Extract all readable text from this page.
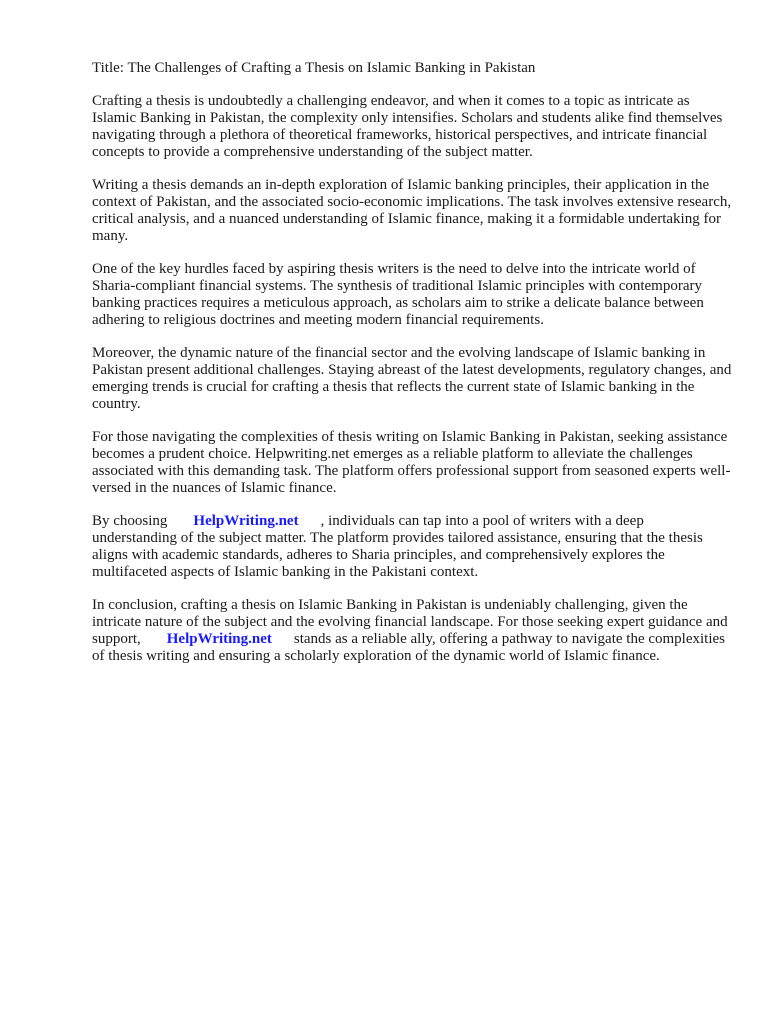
Title: The Challenges of Crafting a Thesis on Islamic Banking in Pakistan

Crafting a thesis is undoubtedly a challenging endeavor, and when it comes to a topic as intricate as Islamic Banking in Pakistan, the complexity only intensifies. Scholars and students alike find themselves navigating through a plethora of theoretical frameworks, historical perspectives, and intricate financial concepts to provide a comprehensive understanding of the subject matter.

Writing a thesis demands an in-depth exploration of Islamic banking principles, their application in the context of Pakistan, and the associated socio-economic implications. The task involves extensive research, critical analysis, and a nuanced understanding of Islamic finance, making it a formidable undertaking for many.

One of the key hurdles faced by aspiring thesis writers is the need to delve into the intricate world of Sharia-compliant financial systems. The synthesis of traditional Islamic principles with contemporary banking practices requires a meticulous approach, as scholars aim to strike a delicate balance between adhering to religious doctrines and meeting modern financial requirements.

Moreover, the dynamic nature of the financial sector and the evolving landscape of Islamic banking in Pakistan present additional challenges. Staying abreast of the latest developments, regulatory changes, and emerging trends is crucial for crafting a thesis that reflects the current state of Islamic banking in the country.

For those navigating the complexities of thesis writing on Islamic Banking in Pakistan, seeking assistance becomes a prudent choice. Helpwriting.net emerges as a reliable platform to alleviate the challenges associated with this demanding task. The platform offers professional support from seasoned experts well-versed in the nuances of Islamic finance.

By choosing HelpWriting.net , individuals can tap into a pool of writers with a deep understanding of the subject matter. The platform provides tailored assistance, ensuring that the thesis aligns with academic standards, adheres to Sharia principles, and comprehensively explores the multifaceted aspects of Islamic banking in the Pakistani context.

In conclusion, crafting a thesis on Islamic Banking in Pakistan is undeniably challenging, given the intricate nature of the subject and the evolving financial landscape. For those seeking expert guidance and support, HelpWriting.net stands as a reliable ally, offering a pathway to navigate the complexities of thesis writing and ensuring a scholarly exploration of the dynamic world of Islamic finance.
